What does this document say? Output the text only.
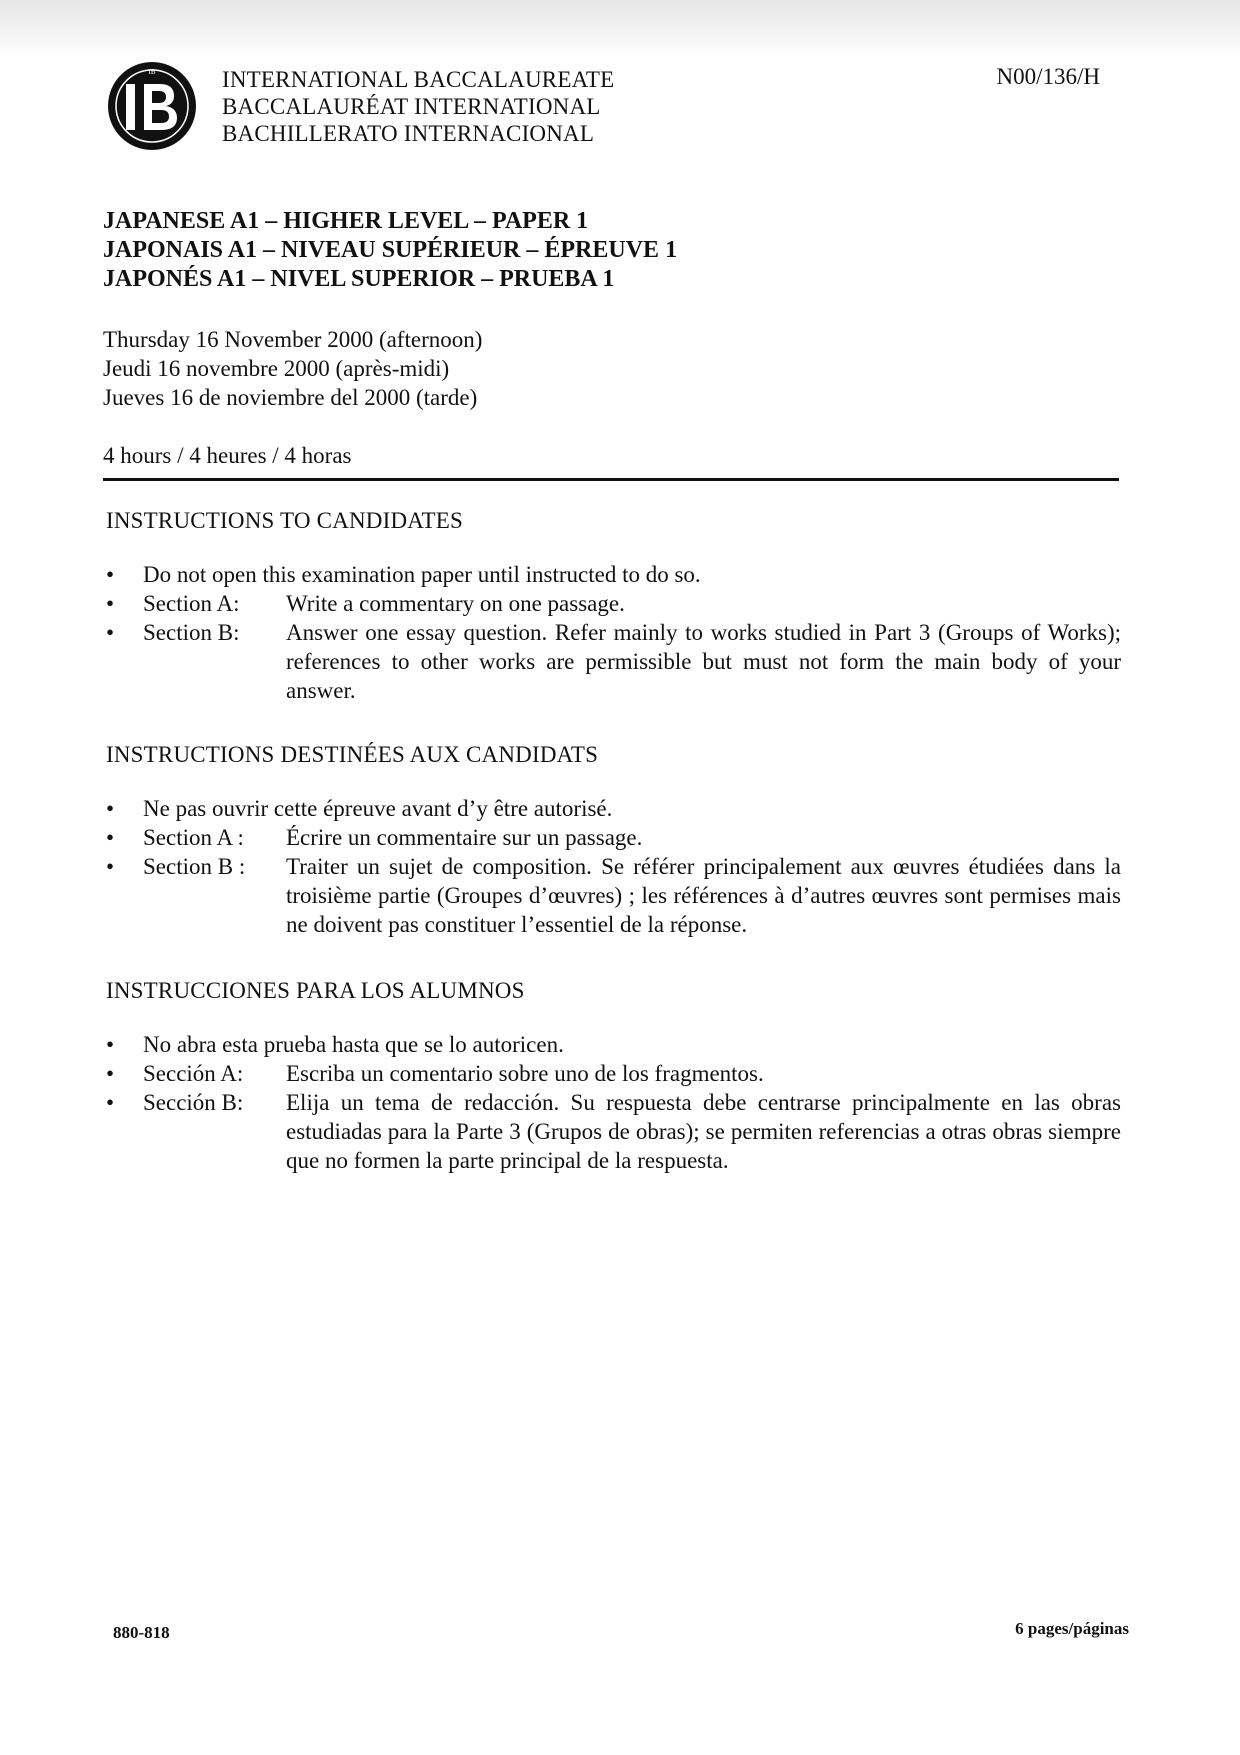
IB	INTERNATIONAL BACCALAUREATE
BACCALAURÉAT INTERNATIONAL
BACHILLERATO INTERNACIONAL
N00/136/H
JAPANESE A1 – HIGHER LEVEL – PAPER 1
JAPONAIS A1 – NIVEAU SUPÉRIEUR – ÉPREUVE 1
JAPONÉS A1 – NIVEL SUPERIOR – PRUEBA 1
Thursday 16 November 2000 (afternoon)
Jeudi 16 novembre 2000 (après-midi)
Jueves 16 de noviembre del 2000 (tarde)
4 hours / 4 heures / 4 horas
INSTRUCTIONS TO CANDIDATES
•	Do not open this examination paper until instructed to do so.
•	Section A:	Write a commentary on one passage.
•	Section B:	Answer one essay question. Refer mainly to works studied in Part 3 (Groups of Works); references to other works are permissible but must not form the main body of your answer.
INSTRUCTIONS DESTINÉES AUX CANDIDATS
•	Ne pas ouvrir cette épreuve avant d’y être autorisé.
•	Section A :	Écrire un commentaire sur un passage.
•	Section B :	Traiter un sujet de composition. Se référer principalement aux œuvres étudiées dans la troisième partie (Groupes d’œuvres) ; les références à d’autres œuvres sont permises mais ne doivent pas constituer l’essentiel de la réponse.
INSTRUCCIONES PARA LOS ALUMNOS
•	No abra esta prueba hasta que se lo autoricen.
•	Sección A:	Escriba un comentario sobre uno de los fragmentos.
•	Sección B:	Elija un tema de redacción. Su respuesta debe centrarse principalmente en las obras estudiadas para la Parte 3 (Grupos de obras); se permiten referencias a otras obras siempre que no formen la parte principal de la respuesta.
880-818	6 pages/páginas
